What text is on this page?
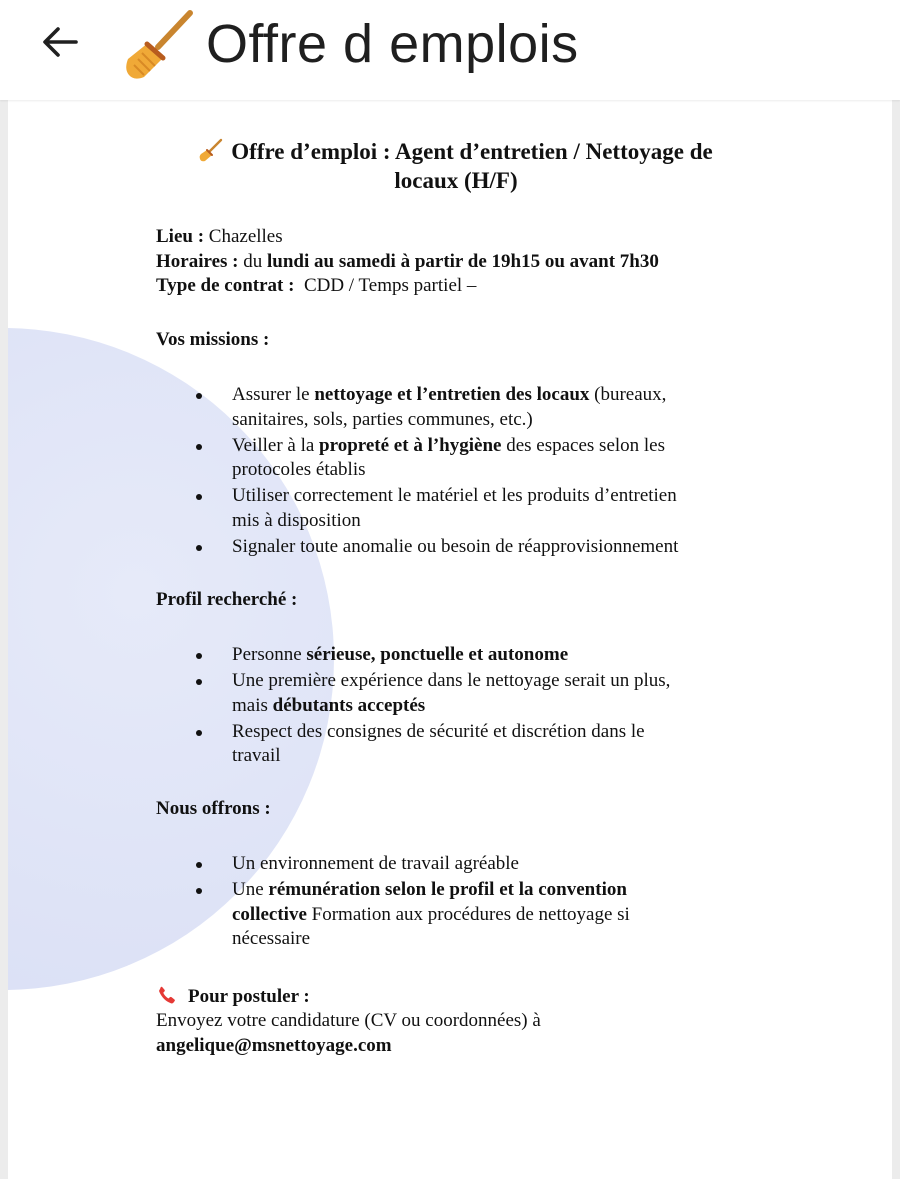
Offre d emplois
Offre d’emploi : Agent d’entretien / Nettoyage de
locaux (H/F)
Lieu : Chazelles
Horaires : du lundi au samedi à partir de 19h15 ou avant 7h30
Type de contrat : CDD / Temps partiel –
Vos missions :
Assurer le nettoyage et l’entretien des locaux (bureaux,
sanitaires, sols, parties communes, etc.)
Veiller à la propreté et à l’hygiène des espaces selon les
protocoles établis
Utiliser correctement le matériel et les produits d’entretien
mis à disposition
Signaler toute anomalie ou besoin de réapprovisionnement
Profil recherché :
Personne sérieuse, ponctuelle et autonome
Une première expérience dans le nettoyage serait un plus,
mais débutants acceptés
Respect des consignes de sécurité et discrétion dans le
travail
Nous offrons :
Un environnement de travail agréable
Une rémunération selon le profil et la convention
collective Formation aux procédures de nettoyage si
nécessaire
Pour postuler :
Envoyez votre candidature (CV ou coordonnées) à
angelique@msnettoyage.com
